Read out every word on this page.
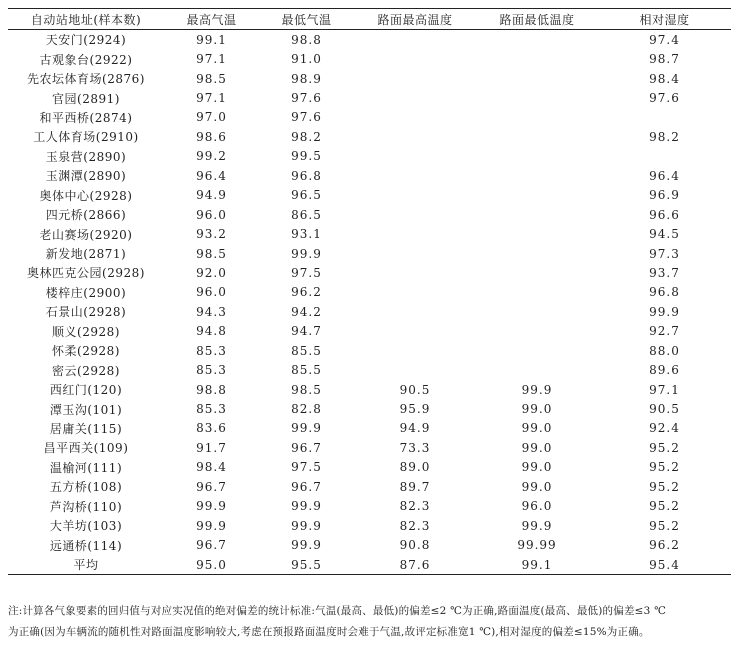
自动站地址(样本数)	最高气温	最低气温	路面最高温度	路面最低温度	相对湿度
天安门(2924)	99.1	98.8			97.4
古观象台(2922)	97.1	91.0			98.7
先农坛体育场(2876)	98.5	98.9			98.4
官园(2891)	97.1	97.6			97.6
和平西桥(2874)	97.0	97.6			
工人体育场(2910)	98.6	98.2			98.2
玉泉营(2890)	99.2	99.5			
玉渊潭(2890)	96.4	96.8			96.4
奥体中心(2928)	94.9	96.5			96.9
四元桥(2866)	96.0	86.5			96.6
老山赛场(2920)	93.2	93.1			94.5
新发地(2871)	98.5	99.9			97.3
奥林匹克公园(2928)	92.0	97.5			93.7
楼梓庄(2900)	96.0	96.2			96.8
石景山(2928)	94.3	94.2			99.9
顺义(2928)	94.8	94.7			92.7
怀柔(2928)	85.3	85.5			88.0
密云(2928)	85.3	85.5			89.6
西红门(120)	98.8	98.5	90.5	99.9	97.1
潭玉沟(101)	85.3	82.8	95.9	99.0	90.5
居庸关(115)	83.6	99.9	94.9	99.0	92.4
昌平西关(109)	91.7	96.7	73.3	99.0	95.2
温榆河(111)	98.4	97.5	89.0	99.0	95.2
五方桥(108)	96.7	96.7	89.7	99.0	95.2
芦沟桥(110)	99.9	99.9	82.3	96.0	95.2
大羊坊(103)	99.9	99.9	82.3	99.9	95.2
远通桥(114)	96.7	99.9	90.8	99.99	96.2
平均	95.0	95.5	87.6	99.1	95.4
注:计算各气象要素的回归值与对应实况值的绝对偏差的统计标准:气温(最高、最低)的偏差≤2 ℃为正确,路面温度(最高、最低)的偏差≤3 ℃
为正确(因为车辆流的随机性对路面温度影响较大,考虑在预报路面温度时会难于气温,故评定标准宽1 ℃),相对湿度的偏差≤15%为正确。
